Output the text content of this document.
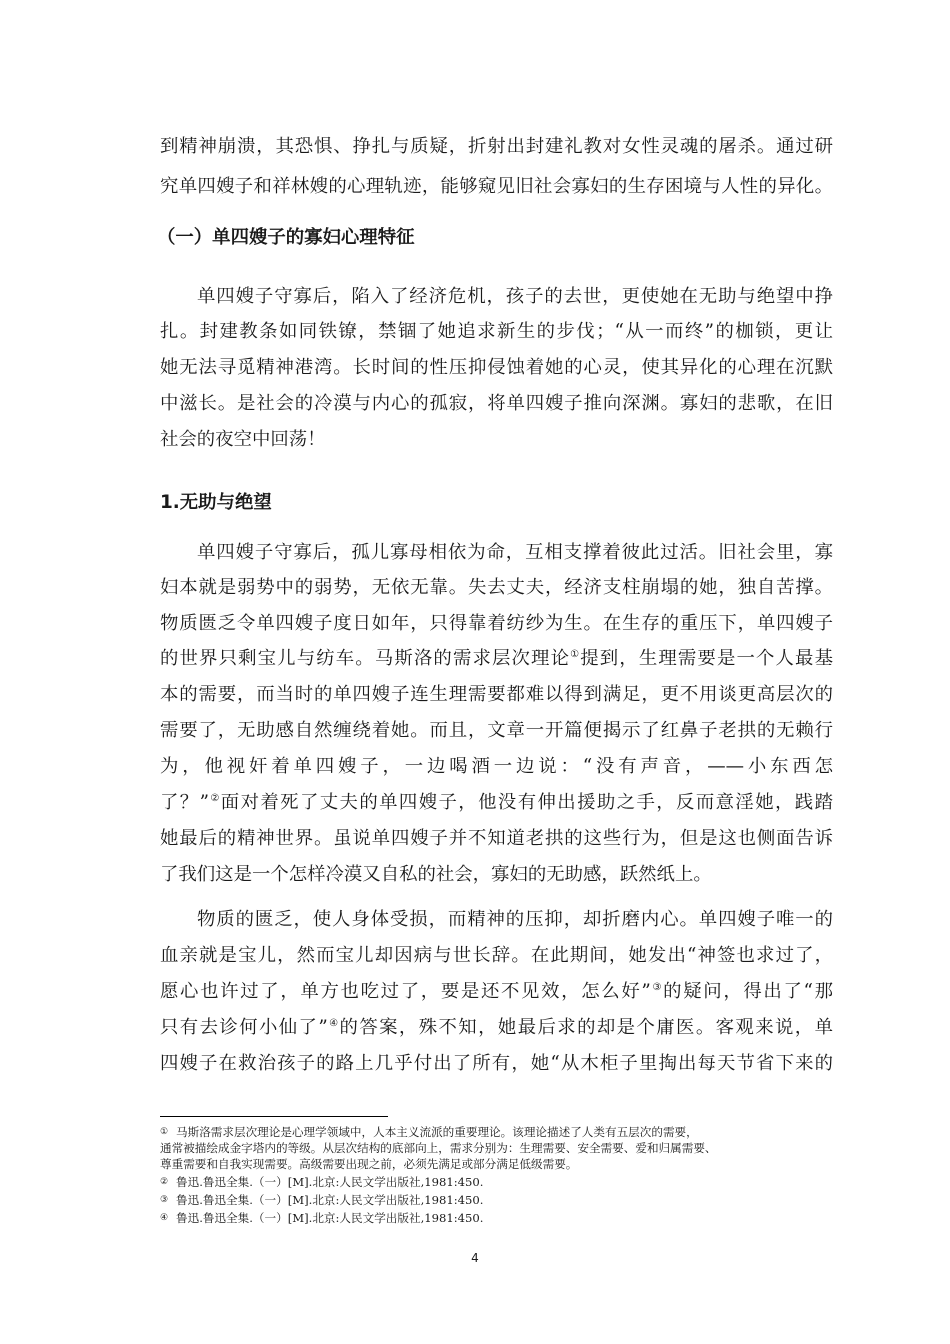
到精神崩溃，其恐惧、挣扎与质疑，折射出封建礼教对女性灵魂的屠杀。通过研
究单四嫂子和祥林嫂的心理轨迹，能够窥见旧社会寡妇的生存困境与人性的异化。
（一）单四嫂子的寡妇心理特征
单四嫂子守寡后，陷入了经济危机，孩子的去世，更使她在无助与绝望中挣
扎。封建教条如同铁镣，禁锢了她追求新生的步伐；“从一而终”的枷锁，更让
她无法寻觅精神港湾。长时间的性压抑侵蚀着她的心灵，使其异化的心理在沉默
中滋长。是社会的冷漠与内心的孤寂，将单四嫂子推向深渊。寡妇的悲歌，在旧
社会的夜空中回荡！
1.无助与绝望
单四嫂子守寡后，孤儿寡母相依为命，互相支撑着彼此过活。旧社会里，寡
妇本就是弱势中的弱势，无依无靠。失去丈夫，经济支柱崩塌的她，独自苦撑。
物质匮乏令单四嫂子度日如年，只得靠着纺纱为生。在生存的重压下，单四嫂子
的世界只剩宝儿与纺车。马斯洛的需求层次理论①提到，生理需要是一个人最基
本的需要，而当时的单四嫂子连生理需要都难以得到满足，更不用谈更高层次的
需要了，无助感自然缠绕着她。而且，文章一开篇便揭示了红鼻子老拱的无赖行
为，他视奸着单四嫂子，一边喝酒一边说：“没有声音，——小东西怎
了？”②面对着死了丈夫的单四嫂子，他没有伸出援助之手，反而意淫她，践踏
她最后的精神世界。虽说单四嫂子并不知道老拱的这些行为，但是这也侧面告诉
了我们这是一个怎样冷漠又自私的社会，寡妇的无助感，跃然纸上。
物质的匮乏，使人身体受损，而精神的压抑，却折磨内心。单四嫂子唯一的
血亲就是宝儿，然而宝儿却因病与世长辞。在此期间，她发出“神签也求过了，
愿心也许过了，单方也吃过了，要是还不见效，怎么好”③的疑问，得出了“那
只有去诊何小仙了”④的答案，殊不知，她最后求的却是个庸医。客观来说，单
四嫂子在救治孩子的路上几乎付出了所有，她“从木柜子里掏出每天节省下来的
① 马斯洛需求层次理论是心理学领域中，人本主义流派的重要理论。该理论描述了人类有五层次的需要，
通常被描绘成金字塔内的等级。从层次结构的底部向上，需求分别为：生理需要、安全需要、爱和归属需要、
尊重需要和自我实现需要。高级需要出现之前，必须先满足或部分满足低级需要。
② 鲁迅.鲁迅全集.（一）[M].北京:人民文学出版社,1981:450.
③ 鲁迅.鲁迅全集.（一）[M].北京:人民文学出版社,1981:450.
④ 鲁迅.鲁迅全集.（一）[M].北京:人民文学出版社,1981:450.
4
